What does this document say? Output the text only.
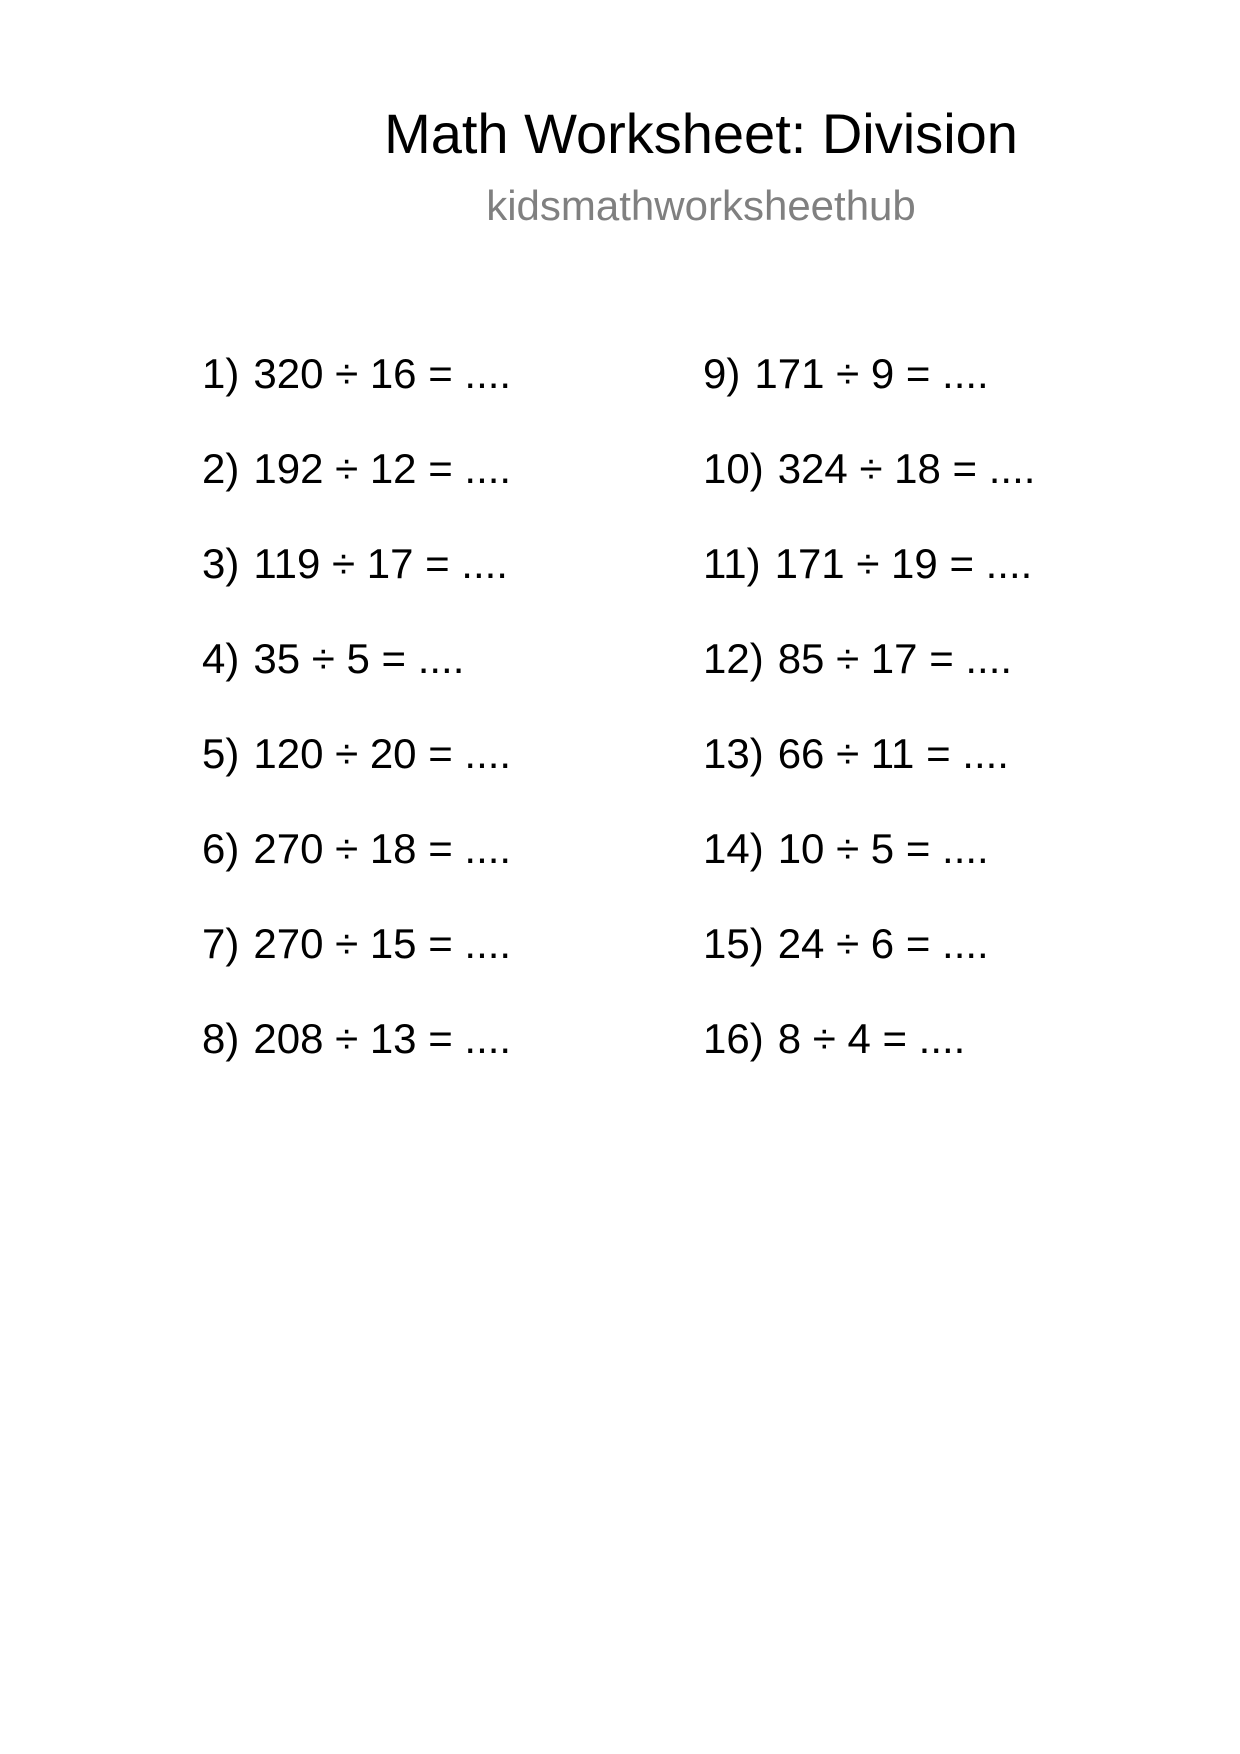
Math Worksheet: Division
kidsmathworksheethub
1) 320 ÷ 16 = ....
2) 192 ÷ 12 = ....
3) 119 ÷ 17 = ....
4) 35 ÷ 5 = ....
5) 120 ÷ 20 = ....
6) 270 ÷ 18 = ....
7) 270 ÷ 15 = ....
8) 208 ÷ 13 = ....
9) 171 ÷ 9 = ....
10) 324 ÷ 18 = ....
11) 171 ÷ 19 = ....
12) 85 ÷ 17 = ....
13) 66 ÷ 11 = ....
14) 10 ÷ 5 = ....
15) 24 ÷ 6 = ....
16) 8 ÷ 4 = ....
